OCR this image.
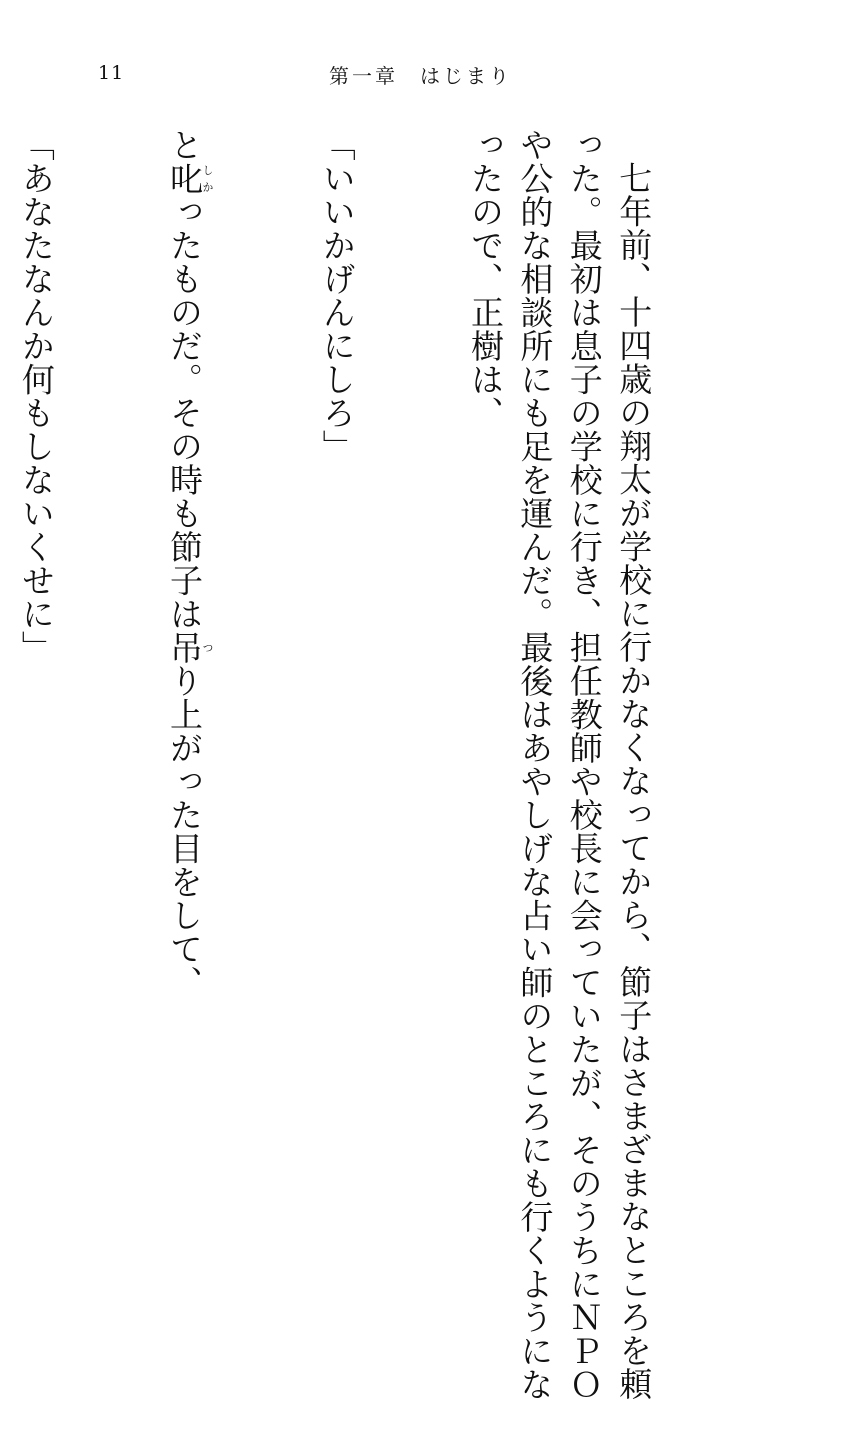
11	第一章 はじまり

七年前、十四歳の翔太が学校に行かなくなってから、節子はさまざまなところを頼
った。最初は息子の学校に行き、担任教師や校長に会っていたが、そのうちにＮＰＯ
や公的な相談所にも足を運んだ。最後はあやしげな占い師のところにも行くようにな
ったので、正樹は、

「いいかげんにしろ」

と叱しかったものだ。その時も節子は吊つり上がった目をして、

「あなたなんか何もしないくせに」
